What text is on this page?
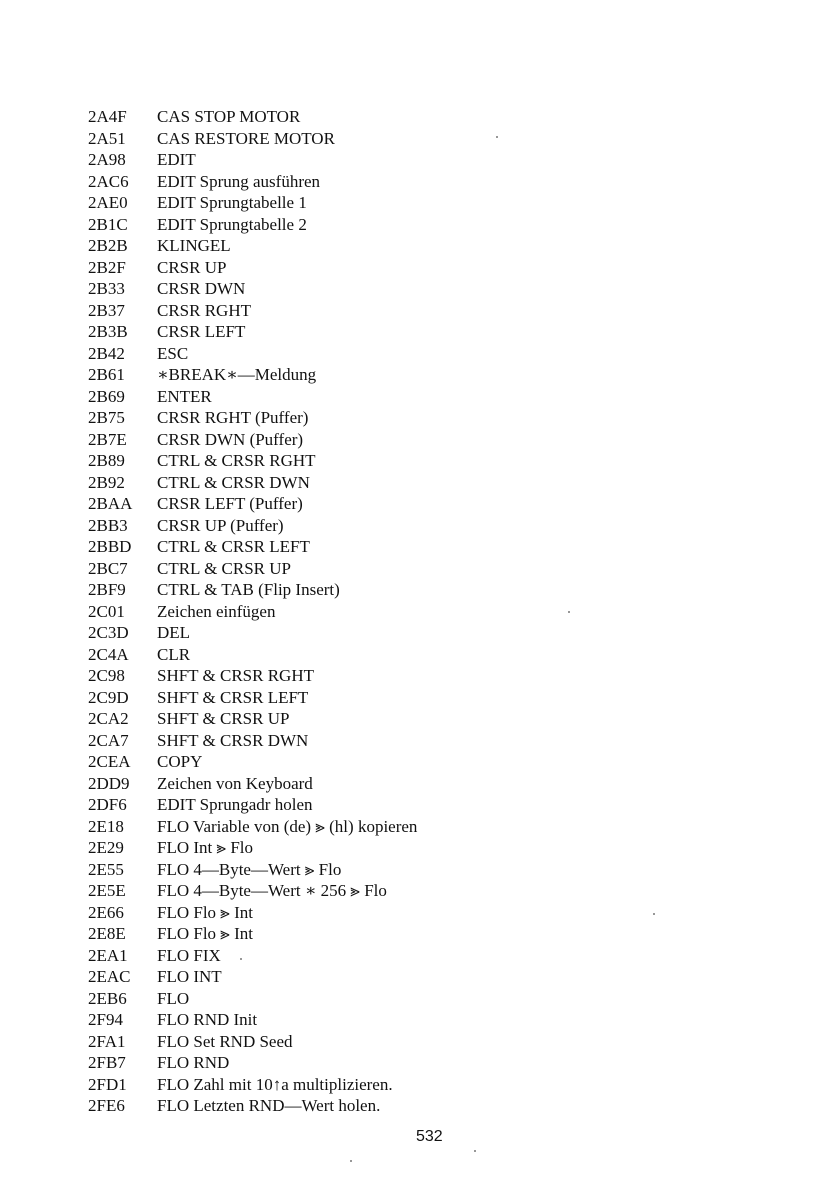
2A4F	CAS STOP MOTOR
2A51	CAS RESTORE MOTOR
2A98	EDIT
2AC6	EDIT Sprung ausführen
2AE0	EDIT Sprungtabelle 1
2B1C	EDIT Sprungtabelle 2
2B2B	KLINGEL
2B2F	CRSR UP
2B33	CRSR DWN
2B37	CRSR RGHT
2B3B	CRSR LEFT
2B42	ESC
2B61	∗BREAK∗—Meldung
2B69	ENTER
2B75	CRSR RGHT (Puffer)
2B7E	CRSR DWN (Puffer)
2B89	CTRL & CRSR RGHT
2B92	CTRL & CRSR DWN
2BAA	CRSR LEFT (Puffer)
2BB3	CRSR UP (Puffer)
2BBD	CTRL & CRSR LEFT
2BC7	CTRL & CRSR UP
2BF9	CTRL & TAB (Flip Insert)
2C01	Zeichen einfügen
2C3D	DEL
2C4A	CLR
2C98	SHFT & CRSR RGHT
2C9D	SHFT & CRSR LEFT
2CA2	SHFT & CRSR UP
2CA7	SHFT & CRSR DWN
2CEA	COPY
2DD9	Zeichen von Keyboard
2DF6	EDIT Sprungadr holen
2E18	FLO Variable von (de) ⪢ (hl) kopieren
2E29	FLO Int ⪢ Flo
2E55	FLO 4—Byte—Wert ⪢ Flo
2E5E	FLO 4—Byte—Wert ∗ 256 ⪢ Flo
2E66	FLO Flo ⪢ Int
2E8E	FLO Flo ⪢ Int
2EA1	FLO FIX
2EAC	FLO INT
2EB6	FLO
2F94	FLO RND Init
2FA1	FLO Set RND Seed
2FB7	FLO RND
2FD1	FLO Zahl mit 10↑a multiplizieren.
2FE6	FLO Letzten RND—Wert holen.
532
